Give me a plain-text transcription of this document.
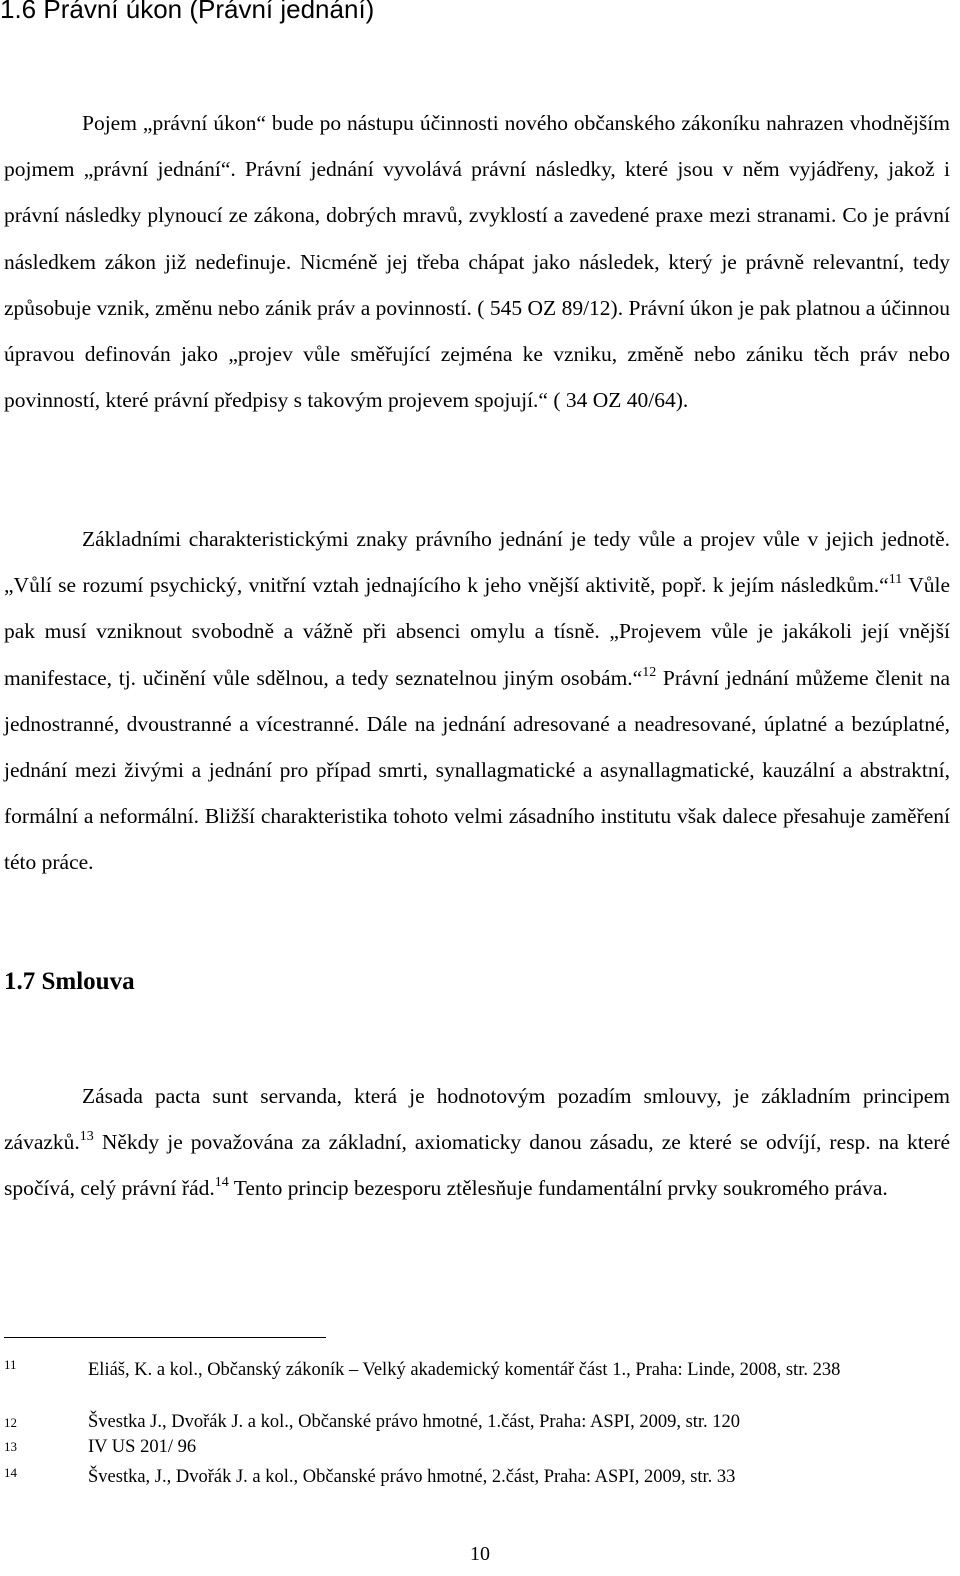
1.6 Právní úkon (Právní jednání)

Pojem „právní úkon“ bude po nástupu účinnosti nového občanského zákoníku nahrazen vhodnějším pojmem „právní jednání“. Právní jednání vyvolává právní následky, které jsou v něm vyjádřeny, jakož i právní následky plynoucí ze zákona, dobrých mravů, zvyklostí a zavedené praxe mezi stranami. Co je právní následkem zákon již nedefinuje. Nicméně jej třeba chápat jako následek, který je právně relevantní, tedy způsobuje vznik, změnu nebo zánik práv a povinností. ( 545 OZ 89/12). Právní úkon je pak platnou a účinnou úpravou definován jako „projev vůle směřující zejména ke vzniku, změně nebo zániku těch práv nebo povinností, které právní předpisy s takovým projevem spojují.“ ( 34 OZ 40/64).

Základními charakteristickými znaky právního jednání je tedy vůle a projev vůle v jejich jednotě. „Vůlí se rozumí psychický, vnitřní vztah jednajícího k jeho vnější aktivitě, popř. k jejím následkům.“$^{11}$ Vůle pak musí vzniknout svobodně a vážně při absenci omylu a tísně. „Projevem vůle je jakákoli její vnější manifestace, tj. učinění vůle sdělnou, a tedy seznatelnou jiným osobám.“$^{12}$ Právní jednání můžeme členit na jednostranné, dvoustranné a vícestranné. Dále na jednání adresované a neadresované, úplatné a bezúplatné, jednání mezi živými a jednání pro případ smrti, synallagmatické a asynallagmatické, kauzální a abstraktní, formální a neformální. Bližší charakteristika tohoto velmi zásadního institutu však dalece přesahuje zaměření této práce.

1.7 Smlouva

Zásada pacta sunt servanda, která je hodnotovým pozadím smlouvy, je základním principem závazků.$^{13}$ Někdy je považována za základní, axiomaticky danou zásadu, ze které se odvíjí, resp. na které spočívá, celý právní řád.$^{14}$ Tento princip bezesporu ztělesňuje fundamentální prvky soukromého práva.

11	Eliáš, K. a kol., Občanský zákoník – Velký akademický komentář část 1., Praha: Linde, 2008, str. 238
12	Švestka J., Dvořák J. a kol., Občanské právo hmotné, 1.část, Praha: ASPI, 2009, str. 120
13	IV US 201/ 96
14	Švestka, J., Dvořák J. a kol., Občanské právo hmotné, 2.část, Praha: ASPI, 2009, str. 33
10
